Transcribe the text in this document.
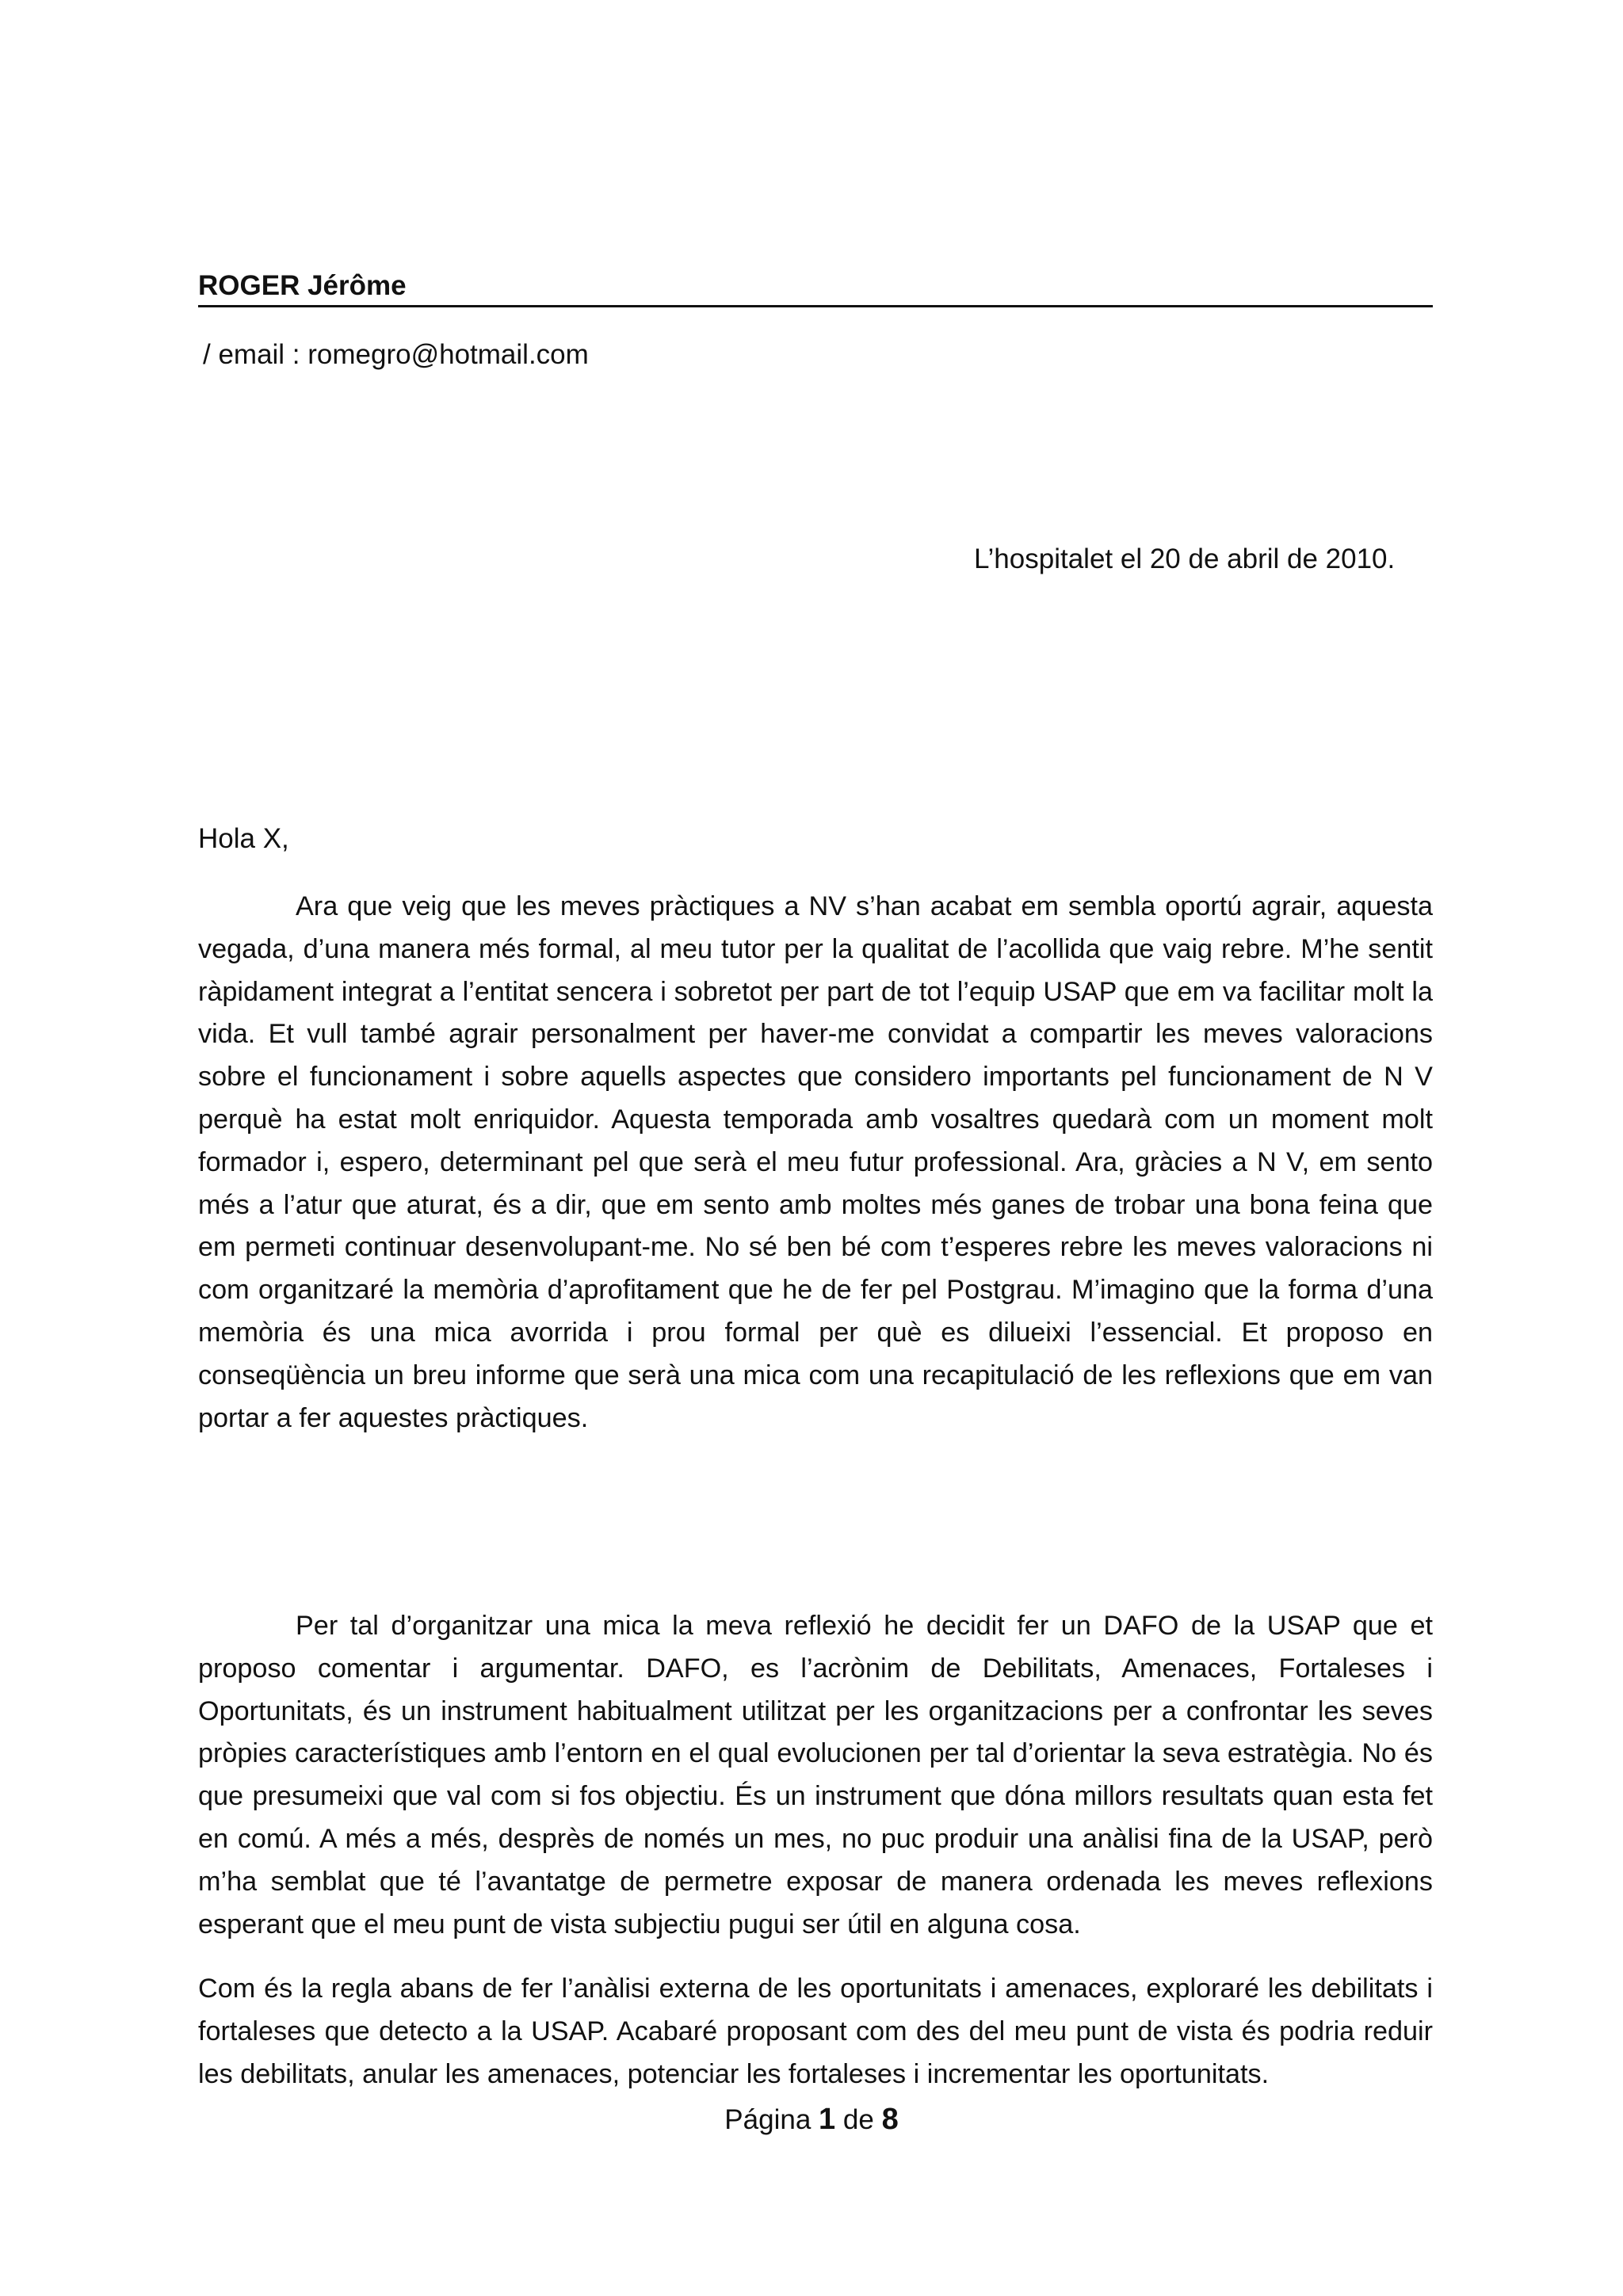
ROGER Jérôme
/ email : romegro@hotmail.com
L’hospitalet el 20 de abril de 2010.
Hola X,

Ara que veig que les meves pràctiques a NV s’han acabat em sembla oportú agrair, aquesta vegada, d’una manera més formal, al meu tutor per la qualitat de l’acollida que vaig rebre. M’he sentit ràpidament integrat a l’entitat sencera i sobretot per part de tot l’equip USAP que em va facilitar molt la vida. Et vull també agrair personalment per haver-me convidat a compartir les meves valoracions sobre el funcionament i sobre aquells aspectes que considero importants pel funcionament de N V perquè ha estat molt enriquidor. Aquesta temporada amb vosaltres quedarà com un moment molt formador i, espero, determinant pel que serà el meu futur professional. Ara, gràcies a N V, em sento més a l’atur que aturat, és a dir, que em sento amb moltes més ganes de trobar una bona feina que em permeti continuar desenvolupant-me. No sé ben bé com t’esperes rebre les meves valoracions ni com organitzaré la memòria d’aprofitament que he de fer pel Postgrau. M’imagino que la forma d’una memòria és una mica avorrida i prou formal per què es dilueixi l’essencial. Et proposo en conseqüència un breu informe que serà una mica com una recapitulació de les reflexions que em van portar a fer aquestes pràctiques.

Per tal d’organitzar una mica la meva reflexió he decidit fer un DAFO de la USAP que et proposo comentar i argumentar. DAFO, es l’acrònim de Debilitats, Amenaces, Fortaleses i Oportunitats, és un instrument habitualment utilitzat per les organitzacions per a confrontar les seves pròpies característiques amb l’entorn en el qual evolucionen per tal d’orientar la seva estratègia. No és que presumeixi que val com si fos objectiu. És un instrument que dóna millors resultats quan esta fet en comú. A més a més, desprès de només un mes, no puc produir una anàlisi fina de la USAP, però m’ha semblat que té l’avantatge de permetre exposar de manera ordenada les meves reflexions esperant que el meu punt de vista subjectiu pugui ser útil en alguna cosa.

Com és la regla abans de fer l’anàlisi externa de les oportunitats i amenaces, exploraré les debilitats i fortaleses que detecto a la USAP. Acabaré proposant com des del meu punt de vista és podria reduir les debilitats, anular les amenaces, potenciar les fortaleses i incrementar les oportunitats.

Página 1 de 8
